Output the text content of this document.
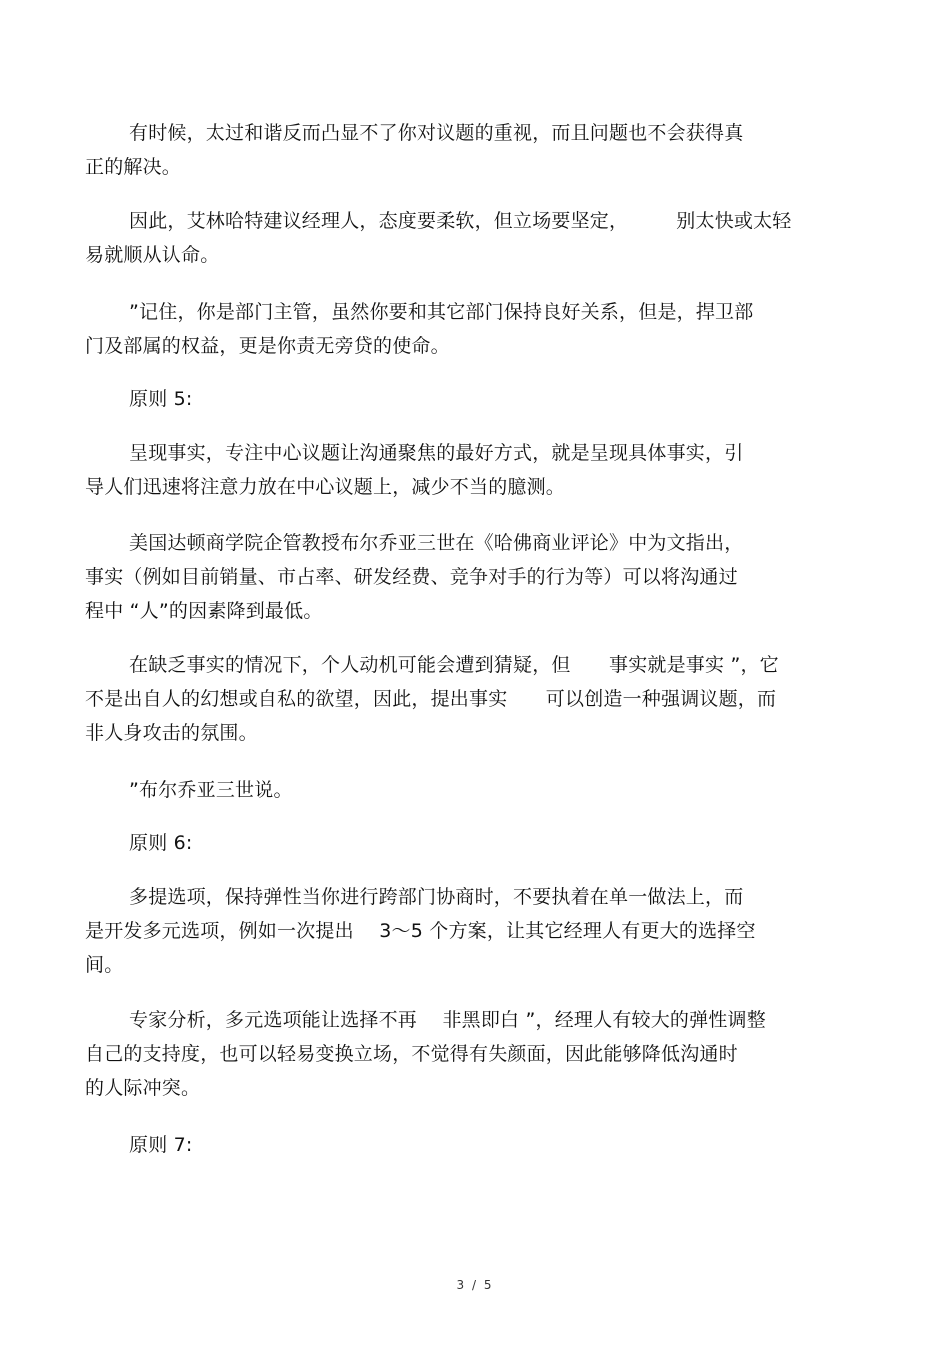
有时候，太过和谐反而凸显不了你对议题的重视，而且问题也不会获得真
正的解决。
因此，艾林哈特建议经理人，态度要柔软，但立场要坚定，　　　别太快或太轻
易就顺从认命。
”记住，你是部门主管，虽然你要和其它部门保持良好关系，但是，捍卫部
门及部属的权益，更是你责无旁贷的使命。
原则 5:
呈现事实，专注中心议题让沟通聚焦的最好方式，就是呈现具体事实，引
导人们迅速将注意力放在中心议题上，减少不当的臆测。
美国达顿商学院企管教授布尔乔亚三世在《哈佛商业评论》中为文指出，
事实（例如目前销量、市占率、研发经费、竞争对手的行为等）可以将沟通过
程中 “人”的因素降到最低。
在缺乏事实的情况下，个人动机可能会遭到猜疑，但　　事实就是事实 ”，它
不是出自人的幻想或自私的欲望，因此，提出事实　　可以创造一种强调议题，而
非人身攻击的氛围。
”布尔乔亚三世说。
原则 6:
多提选项，保持弹性当你进行跨部门协商时，不要执着在单一做法上，而
是开发多元选项，例如一次提出　 3～5 个方案，让其它经理人有更大的选择空
间。
专家分析，多元选项能让选择不再　 非黑即白 ”，经理人有较大的弹性调整
自己的支持度，也可以轻易变换立场，不觉得有失颜面，因此能够降低沟通时
的人际冲突。
原则 7:
3 / 5
